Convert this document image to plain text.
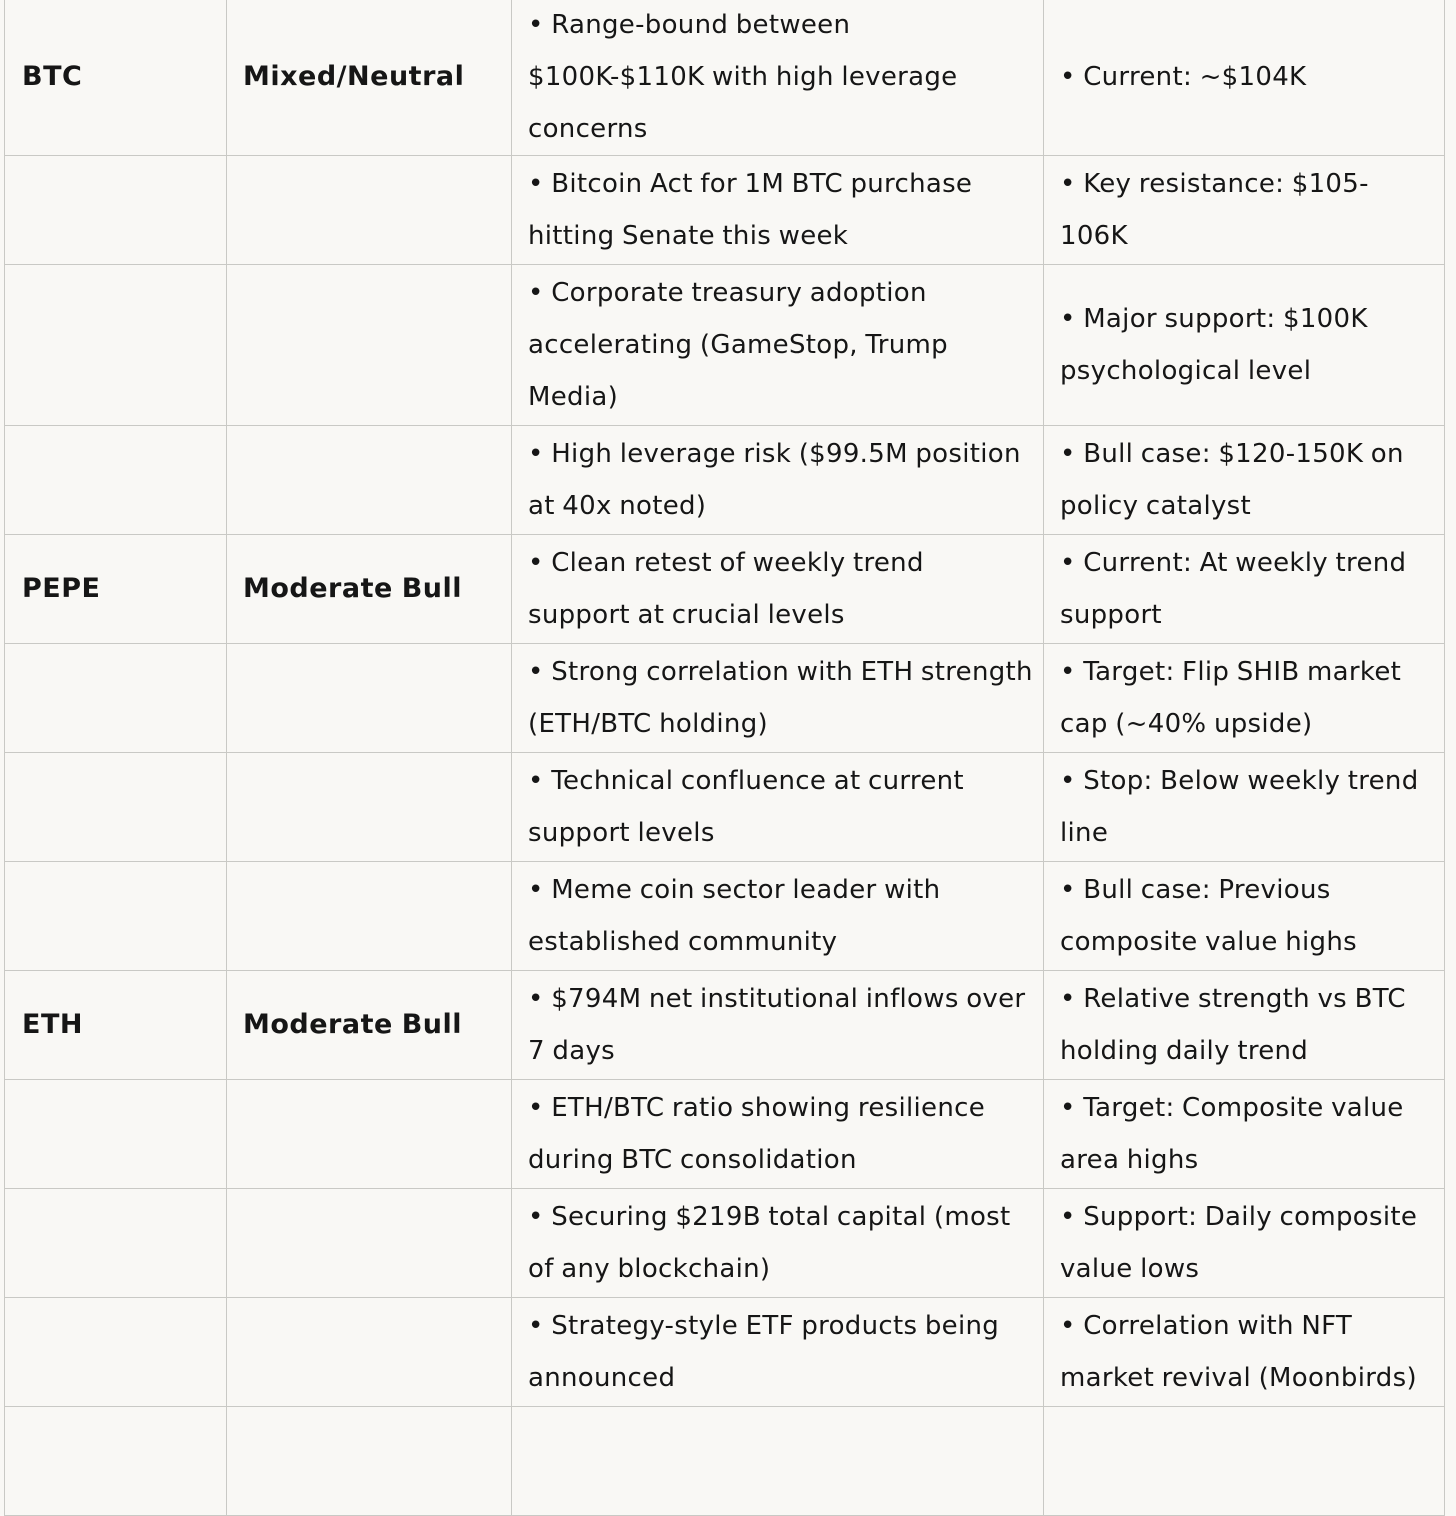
BTC	Mixed/Neutral	• Range-bound between $100K-$110K with high leverage concerns	• Current: ~$104K
		• Bitcoin Act for 1M BTC purchase hitting Senate this week	• Key resistance: $105-106K
		• Corporate treasury adoption accelerating (GameStop, Trump Media)	• Major support: $100K psychological level
		• High leverage risk ($99.5M position at 40x noted)	• Bull case: $120-150K on policy catalyst
PEPE	Moderate Bull	• Clean retest of weekly trend support at crucial levels	• Current: At weekly trend support
		• Strong correlation with ETH strength (ETH/BTC holding)	• Target: Flip SHIB market cap (~40% upside)
		• Technical confluence at current support levels	• Stop: Below weekly trend line
		• Meme coin sector leader with established community	• Bull case: Previous composite value highs
ETH	Moderate Bull	• $794M net institutional inflows over 7 days	• Relative strength vs BTC holding daily trend
		• ETH/BTC ratio showing resilience during BTC consolidation	• Target: Composite value area highs
		• Securing $219B total capital (most of any blockchain)	• Support: Daily composite value lows
		• Strategy-style ETF products being announced	• Correlation with NFT market revival (Moonbirds)
